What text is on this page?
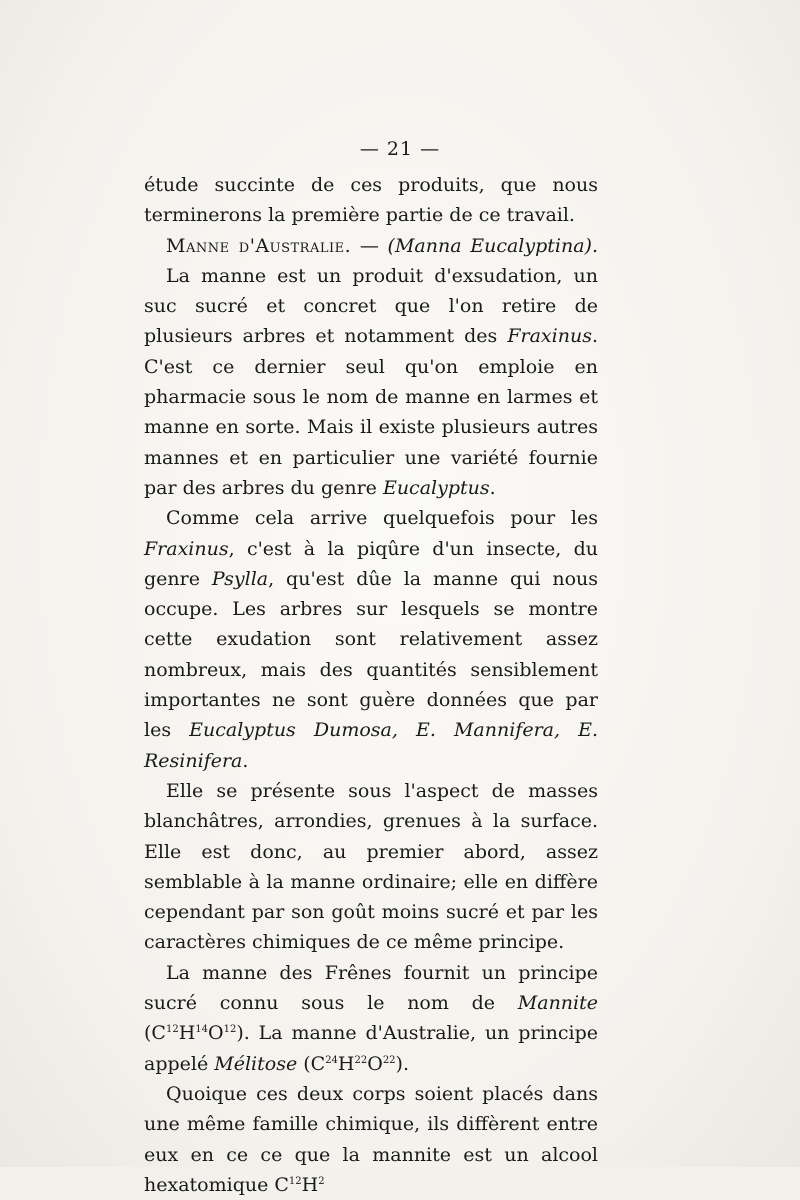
— 21 —

étude succinte de ces produits, que nous terminerons la première partie de ce travail.

Manne d'Australie. — (Manna Eucalyptina).

La manne est un produit d'exsudation, un suc sucré et concret que l'on retire de plusieurs arbres et notamment des Fraxinus. C'est ce dernier seul qu'on emploie en pharmacie sous le nom de manne en larmes et manne en sorte. Mais il existe plusieurs autres mannes et en particulier une variété fournie par des arbres du genre Eucalyptus.

Comme cela arrive quelquefois pour les Fraxinus, c'est à la piqûre d'un insecte, du genre Psylla, qu'est dûe la manne qui nous occupe. Les arbres sur lesquels se montre cette exudation sont relativement assez nombreux, mais des quantités sensiblement importantes ne sont guère données que par les Eucalyptus Dumosa, E. Mannifera, E. Resinifera.

Elle se présente sous l'aspect de masses blanchâtres, arrondies, grenues à la surface. Elle est donc, au premier abord, assez semblable à la manne ordinaire; elle en diffère cependant par son goût moins sucré et par les caractères chimiques de ce même principe.

La manne des Frênes fournit un principe sucré connu sous le nom de Mannite $(C^{12}H^{14}O^{12})$. La manne d'Australie, un principe appelé Mélitose $(C^{24}H^{22}O^{22})$.

Quoique ces deux corps soient placés dans une même famille chimique, ils diffèrent entre eux en ce ce que la mannite est un alcool hexatomique $C^{12}H^2$
